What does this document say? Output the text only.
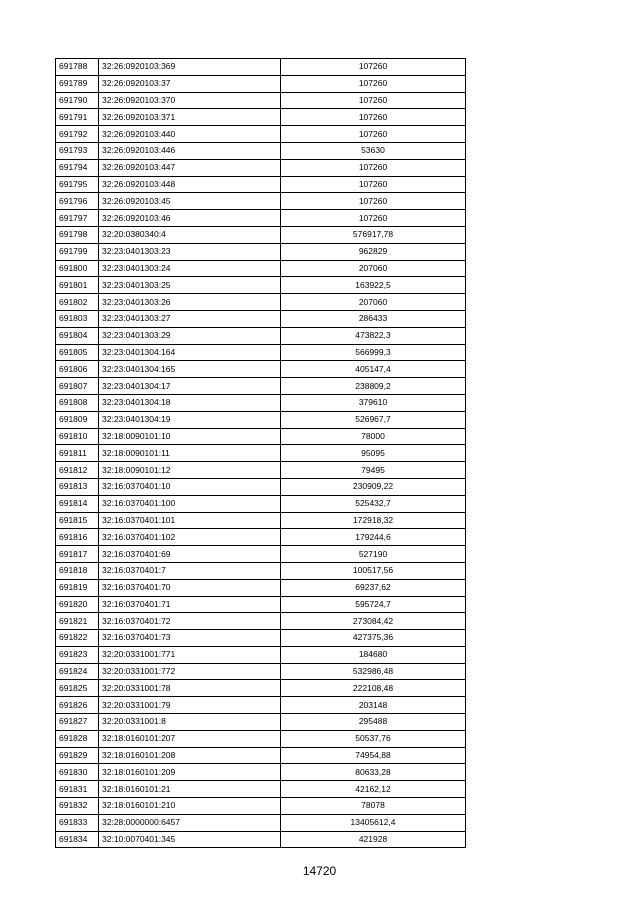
691788	32:26:0920103:369	107260
691789	32:26:0920103:37	107260
691790	32:26:0920103:370	107260
691791	32:26:0920103:371	107260
691792	32:26:0920103:440	107260
691793	32:26:0920103:446	53630
691794	32:26:0920103:447	107260
691795	32:26:0920103:448	107260
691796	32:26:0920103:45	107260
691797	32:26:0920103:46	107260
691798	32:20:0380340:4	576917,78
691799	32:23:0401303:23	962829
691800	32:23:0401303:24	207060
691801	32:23:0401303:25	163922,5
691802	32:23:0401303:26	207060
691803	32:23:0401303:27	286433
691804	32:23:0401303:29	473822,3
691805	32:23:0401304:164	566999,3
691806	32:23:0401304:165	405147,4
691807	32:23:0401304:17	238809,2
691808	32:23:0401304:18	379610
691809	32:23:0401304:19	526967,7
691810	32:18:0090101:10	78000
691811	32:18:0090101:11	95095
691812	32:18:0090101:12	79495
691813	32:16:0370401:10	230909,22
691814	32:16:0370401:100	525432,7
691815	32:16:0370401:101	172918,32
691816	32:16:0370401:102	179244,6
691817	32:16:0370401:69	527190
691818	32:16:0370401:7	100517,56
691819	32:16:0370401:70	69237,62
691820	32:16:0370401:71	595724,7
691821	32:16:0370401:72	273084,42
691822	32:16:0370401:73	427375,36
691823	32:20:0331001:771	184680
691824	32:20:0331001:772	532986,48
691825	32:20:0331001:78	222108,48
691826	32:20:0331001:79	203148
691827	32:20:0331001:8	295488
691828	32:18:0160101:207	50537,76
691829	32:18:0160101:208	74954,88
691830	32:18:0160101:209	80633,28
691831	32:18:0160101:21	42162,12
691832	32:18:0160101:210	78078
691833	32:28:0000000:6457	13405612,4
691834	32:10:0070401:345	421928
14720
